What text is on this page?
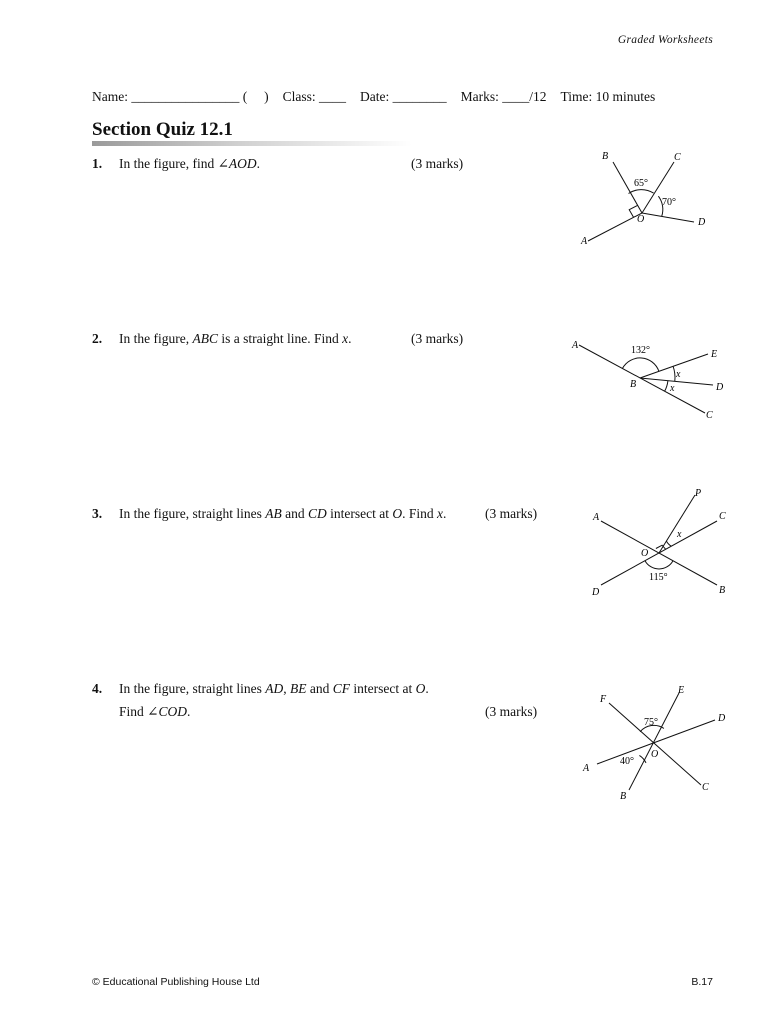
Graded Worksheets
Name: ________________ (     ) Class: ____ Date: ________ Marks: ____/12 Time: 10 minutes
Section Quiz 12.1
1. In the figure, find ∠AOD.	(3 marks)	B	C
O	D
A
65°
70°
2. In the figure, ABC is a straight line. Find x.	(3 marks)	A
E
B	D
C
132°
x
x
3. In the figure, straight lines AB and CD intersect at O. Find x.	(3 marks)
P
A	C
O
D	B
x
115°
4. In the figure, straight lines AD, BE and CF intersect at O.
Find ∠COD.	(3 marks)
F
E
D
O
A
B
C
75°
40°
© Educational Publishing House Ltd	B.17
